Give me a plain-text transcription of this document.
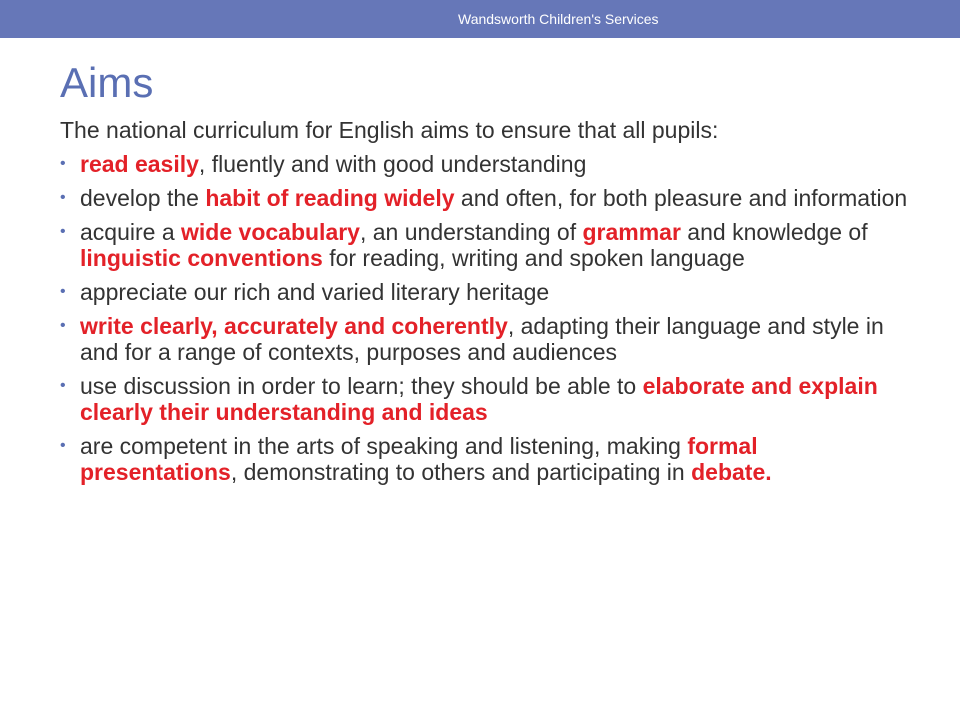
Wandsworth Children's Services
Aims

The national curriculum for English aims to ensure that all pupils:

• read easily, fluently and with good understanding
• develop the habit of reading widely and often, for both pleasure and information
• acquire a wide vocabulary, an understanding of grammar and knowledge of linguistic conventions for reading, writing and spoken language
• appreciate our rich and varied literary heritage
• write clearly, accurately and coherently, adapting their language and style in and for a range of contexts, purposes and audiences
• use discussion in order to learn; they should be able to elaborate and explain clearly their understanding and ideas
• are competent in the arts of speaking and listening, making formal presentations, demonstrating to others and participating in debate.
